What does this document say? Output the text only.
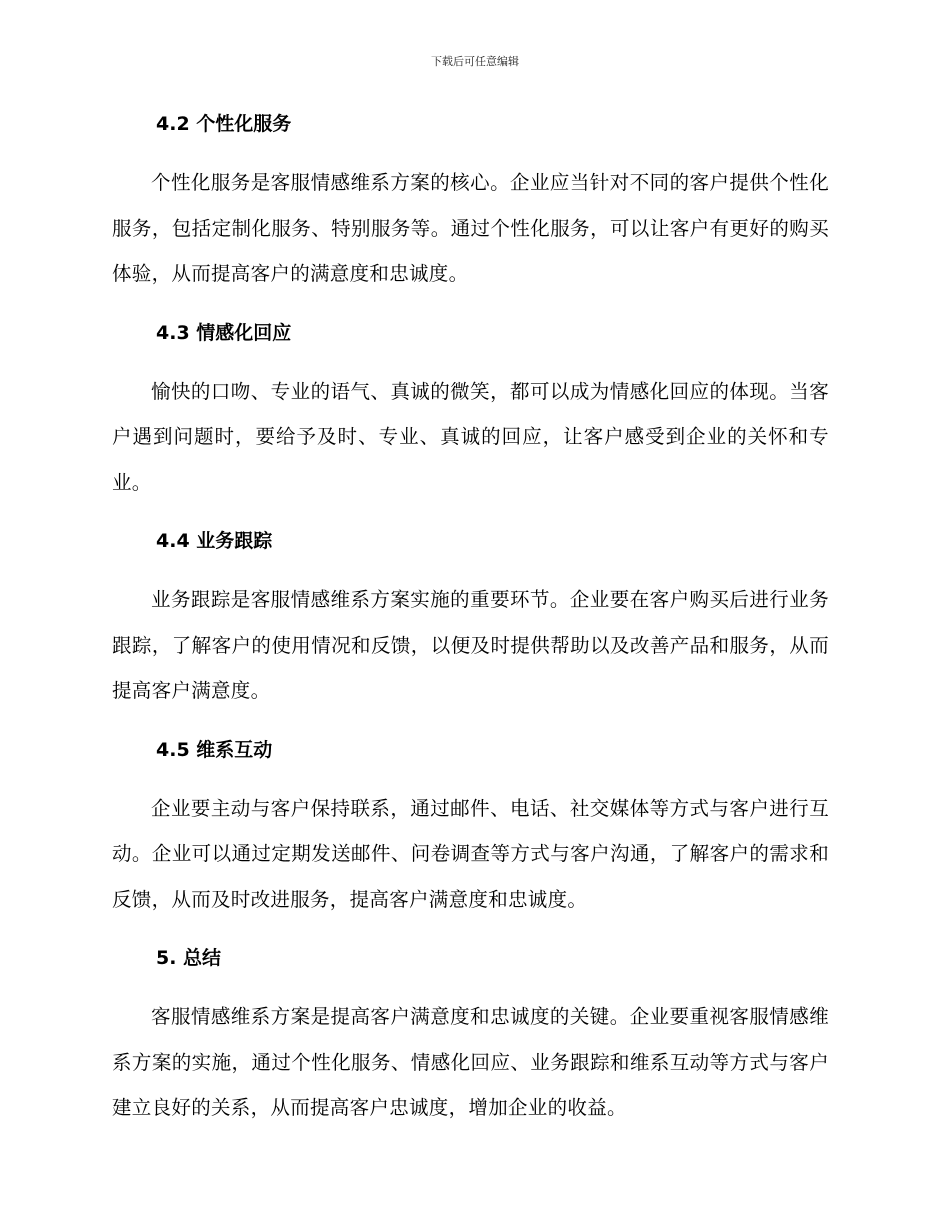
下载后可任意编辑
4.2 个性化服务

个性化服务是客服情感维系方案的核心。企业应当针对不同的客户提供个性化服务，包括定制化服务、特别服务等。通过个性化服务，可以让客户有更好的购买体验，从而提高客户的满意度和忠诚度。

4.3 情感化回应

愉快的口吻、专业的语气、真诚的微笑，都可以成为情感化回应的体现。当客户遇到问题时，要给予及时、专业、真诚的回应，让客户感受到企业的关怀和专业。

4.4 业务跟踪

业务跟踪是客服情感维系方案实施的重要环节。企业要在客户购买后进行业务跟踪，了解客户的使用情况和反馈，以便及时提供帮助以及改善产品和服务，从而提高客户满意度。

4.5 维系互动

企业要主动与客户保持联系，通过邮件、电话、社交媒体等方式与客户进行互动。企业可以通过定期发送邮件、问卷调查等方式与客户沟通，了解客户的需求和反馈，从而及时改进服务，提高客户满意度和忠诚度。

5. 总结

客服情感维系方案是提高客户满意度和忠诚度的关键。企业要重视客服情感维系方案的实施，通过个性化服务、情感化回应、业务跟踪和维系互动等方式与客户建立良好的关系，从而提高客户忠诚度，增加企业的收益。
